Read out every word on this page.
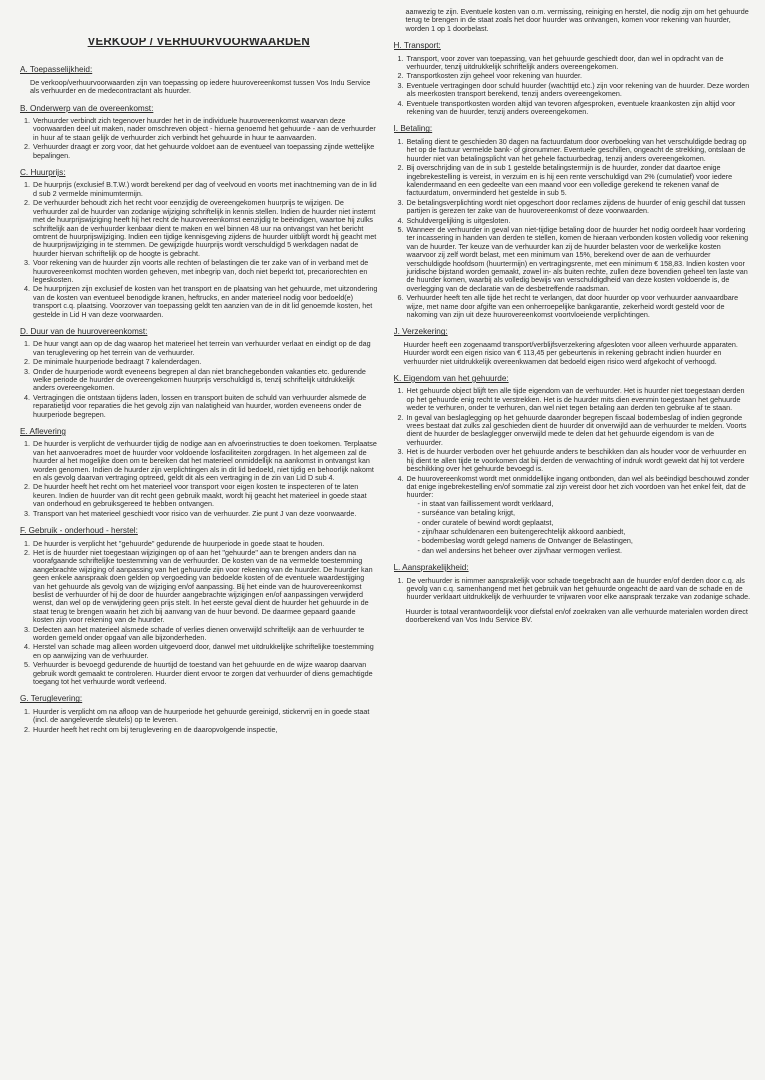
VERKOOP / VERHUURVOORWAARDEN
A. Toepasselijkheid:

De verkoop/verhuurvoorwaarden zijn van toepassing op iedere huurovereenkomst tussen Vos Indu Service als verhuurder en de medecontractant als huurder.

B. Onderwerp van de overeenkomst:
1. Verhuurder verbindt zich tegenover huurder het in de individuele huurovereenkomst waarvan deze voorwaarden deel uit maken, nader omschreven object - hierna genoemd het gehuurde - aan de verhuurder in huur af te staan gelijk de verhuurder zich verbindt het gehuurde in huur te aanvaarden.
2. Verhuurder draagt er zorg voor, dat het gehuurde voldoet aan de eventueel van toepassing zijnde wettelijke bepalingen.
C. Huurprijs:
1. De huurprijs (exclusief B.T.W.) wordt berekend per dag of veelvoud en voorts met inachtneming van de in lid d sub 2 vermelde minimumtermijn.
2. De verhuurder behoudt zich het recht voor eenzijdig de overeengekomen huurprijs te wijzigen. De verhuurder zal de huurder van zodanige wijziging schriftelijk in kennis stellen. Indien de huurder niet instemt met de huurprijswijziging heeft hij het recht de huurovereenkomst eenzijdig te beëindigen, waartoe hij zulks schriftelijk aan de verhuurder kenbaar dient te maken en wel binnen 48 uur na ontvangst van het bericht omtrent de huurprijswijziging. Indien een tijdige kennisgeving zijdens de huurder uitblijft wordt hij geacht met de huurprijswijziging in te stemmen. De gewijzigde huurprijs wordt verschuldigd 5 werkdagen nadat de huurder hiervan schriftelijk op de hoogte is gebracht.
3. Voor rekening van de huurder zijn voorts alle rechten of belastingen die ter zake van of in verband met de huurovereenkomst mochten worden geheven, met inbegrip van, doch niet beperkt tot, precariorechten en legeskosten.
4. De huurprijzen zijn exclusief de kosten van het transport en de plaatsing van het gehuurde, met uitzondering van de kosten van eventueel benodigde kranen, heftrucks, en ander materieel nodig voor bedoeld(e) transport c.q. plaatsing. Voorzover van toepassing geldt ten aanzien van de in dit lid genoemde kosten, het gestelde in Lid H van deze voorwaarden.
D. Duur van de huurovereenkomst:
1. De huur vangt aan op de dag waarop het materieel het terrein van verhuurder verlaat en eindigt op de dag van teruglevering op het terrein van de verhuurder.
2. De minimale huurperiode bedraagt 7 kalenderdagen.
3. Onder de huurperiode wordt eveneens begrepen al dan niet branchegebonden vakanties etc. gedurende welke periode de huurder de overeengekomen huurprijs verschuldigd is, tenzij schriftelijk uitdrukkelijk anders overeengekomen.
4. Vertragingen die ontstaan tijdens laden, lossen en transport buiten de schuld van verhuurder alsmede de reparatietijd voor reparaties die het gevolg zijn van nalatigheid van huurder, worden eveneens onder de huurperiode begrepen.
E. Aflevering
1. De huurder is verplicht de verhuurder tijdig de nodige aan en afvoerinstructies te doen toekomen. Terplaatse van het aanvoeradres moet de huurder voor voldoende losfaciliteiten zorgdragen. In het algemeen zal de huurder al het mogelijke doen om te bereiken dat het materieel onmiddellijk na aankomst in ontvangst kan worden genomen. Indien de huurder zijn verplichtingen als in dit lid bedoeld, niet tijdig en behoorlijk nakomt en als gevolg daarvan vertraging optreed, geldt dit als een vertraging in de zin van Lid D sub 4.
2. De huurder heeft het recht om het materieel voor transport voor eigen kosten te inspecteren of te laten keuren. Indien de huurder van dit recht geen gebruik maakt, wordt hij geacht het materieel in goede staat van onderhoud en gebruiksgereed te hebben ontvangen.
3. Transport van het materieel geschiedt voor risico van de verhuurder. Zie punt J van deze voorwaarde.
F. Gebruik - onderhoud - herstel:
1. De huurder is verplicht het "gehuurde" gedurende de huurperiode in goede staat te houden.
2. Het is de huurder niet toegestaan wijzigingen op of aan het "gehuurde" aan te brengen anders dan na voorafgaande schriftelijke toestemming van de verhuurder. De kosten van de na vermelde toestemming aangebrachte wijziging of aanpassing van het gehuurde zijn voor rekening van de huurder. De huurder kan geen enkele aanspraak doen gelden op vergoeding van bedoelde kosten of de eventuele waardestijging van het gehuurde als gevolg van de wijziging en/of aanpassing. Bij het einde van de huurovereenkomst beslist de verhuurder of hij de door de huurder aangebrachte wijzigingen en/of aanpassingen verwijderd wenst, dan wel op de verwijdering geen prijs stelt. In het eerste geval dient de huurder het gehuurde in de staat terug te brengen waarin het zich bij aanvang van de huur bevond. De daarmee gepaard gaande kosten zijn voor rekening van de huurder.
3. Defecten aan het materieel alsmede schade of verlies dienen onverwijld schriftelijk aan de verhuurder te worden gemeld onder opgaaf van alle bijzonderheden.
4. Herstel van schade mag alleen worden uitgevoerd door, danwel met uitdrukkelijke schriftelijke toestemming en op aanwijzing van de verhuurder.
5. Verhuurder is bevoegd gedurende de huurtijd de toestand van het gehuurde en de wijze waarop daarvan gebruik wordt gemaakt te controleren. Huurder dient ervoor te zorgen dat verhuurder of diens gemachtigde toegang tot het verhuurde wordt verleend.
G. Teruglevering:
1. Huurder is verplicht om na afloop van de huurperiode het gehuurde gereinigd, stickervrij en in goede staat (incl. de aangeleverde sleutels) op te leveren.
2. Huurder heeft het recht om bij teruglevering en de daaropvolgende inspectie,

aanwezig te zijn. Eventuele kosten van o.m. vermissing, reiniging en herstel, die nodig zijn om het gehuurde terug te brengen in de staat zoals het door huurder was ontvangen, komen voor rekening van huurder, worden 1 op 1 doorbelast.

H. Transport:
1. Transport, voor zover van toepassing, van het gehuurde geschiedt door, dan wel in opdracht van de verhuurder, tenzij uitdrukkelijk schriftelijk anders overeengekomen.
2. Transportkosten zijn geheel voor rekening van huurder.
3. Eventuele vertragingen door schuld huurder (wachttijd etc.) zijn voor rekening van de huurder. Deze worden als meerkosten transport berekend, tenzij anders overeengekomen.
4. Eventuele transportkosten worden altijd van tevoren afgesproken, eventuele kraankosten zijn altijd voor rekening van de huurder, tenzij anders overeengekomen.
I. Betaling:
1. Betaling dient te geschieden 30 dagen na factuurdatum door overboeking van het verschuldigde bedrag op het op de factuur vermelde bank- of gironummer. Eventuele geschillen, ongeacht de strekking, ontslaan de huurder niet van betalingsplicht van het gehele factuurbedrag, tenzij anders overeengekomen.
2. Bij overschrijding van de in sub 1 gestelde betalingstermijn is de huurder, zonder dat daartoe enige ingebrekestelling is vereist, in verzuim en is hij een rente verschuldigd van 2% (cumulatief) voor iedere kalendermaand en een gedeelte van een maand voor een volledige gerekend te rekenen vanaf de factuurdatum, onverminderd het gestelde in sub 5.
3. De betalingsverplichting wordt niet opgeschort door reclames zijdens de huurder of enig geschil dat tussen partijen is gerezen ter zake van de huurovereenkomst of deze voorwaarden.
4. Schuldvergelijking is uitgesloten.
5. Wanneer de verhuurder in geval van niet-tijdige betaling door de huurder het nodig oordeelt haar vordering ter incassering in handen van derden te stellen, komen de hieraan verbonden kosten volledig voor rekening van de huurder. Ter keuze van de verhuurder kan zij de huurder belasten voor de werkelijke kosten waarvoor zij zelf wordt belast, met een minimum van 15%, berekend over de aan de verhuurder verschuldigde hoofdsom (huurtermijn) en vertragingsrente, met een minimum € 158,83. Indien kosten voor juridische bijstand worden gemaakt, zowel in- als buiten rechte, zullen deze bovendien geheel ten laste van de huurder komen, waarbij als volledig bewijs van verschuldigdheid van deze kosten voldoende is, de overlegging van de declaratie van de desbetreffende raadsman.
6. Verhuurder heeft ten alle tijde het recht te verlangen, dat door huurder op voor verhuurder aanvaardbare wijze, met name door afgifte van een onherroepelijke bankgarantie, zekerheid wordt gesteld voor de nakoming van zijn uit deze huurovereenkomst voortvloeiende verplichtingen.
J. Verzekering:

Huurder heeft een zogenaamd transport/verblijfsverzekering afgesloten voor alleen verhuurde apparaten. Huurder wordt een eigen risico van € 113,45 per gebeurtenis in rekening gebracht indien huurder en verhuurder niet uitdrukkelijk overeenkwamen dat bedoeld eigen risico werd afgekocht of verhoogd.

K. Eigendom van het gehuurde:
1. Het gehuurde object blijft ten alle tijde eigendom van de verhuurder. Het is huurder niet toegestaan derden op het gehuurde enig recht te verstrekken. Het is de huurder mits dien evenmin toegestaan het gehuurde weder te verhuren, onder te verhuren, dan wel niet tegen betaling aan derden ten gebruike af te staan.
2. In geval van beslaglegging op het gehuurde daaronder begrepen fiscaal bodembeslag of indien gegronde vrees bestaat dat zulks zal geschieden dient de huurder dit onverwijld aan de verhuurder te melden. Voorts dient de huurder de beslaglegger onverwijld mede te delen dat het gehuurde eigendom is van de verhuurder.
3. Het is de huurder verboden over het gehuurde anders te beschikken dan als houder voor de verhuurder en hij dient te allen tijde te voorkomen dat bij derden de verwachting of indruk wordt gewekt dat hij tot verdere beschikking over het gehuurde bevoegd is.
4. De huurovereenkomst wordt met onmiddellijke ingang ontbonden, dan wel als beëindigd beschouwd zonder dat enige ingebrekestelling en/of sommatie zal zijn vereist door het zich voordoen van het enkel feit, dat de huurder:
- in staat van faillissement wordt verklaard,
- surséance van betaling krijgt,
- onder curatele of bewind wordt geplaatst,
- zijn/haar schuldenaren een buitengerechtelijk akkoord aanbiedt,
- bodembeslag wordt gelegd namens de Ontvanger de Belastingen,
- dan wel andersins het beheer over zijn/haar vermogen verliest.
L. Aansprakelijkheid:
1. De verhuurder is nimmer aansprakelijk voor schade toegebracht aan de huurder en/of derden door c.q. als gevolg van c.q. samenhangend met het gebruik van het gehuurde ongeacht de aard van de schade en de huurder verklaart uitdrukkelijk de verhuurder te vrijwaren voor elke aanspraak terzake van zodanige schade.

Huurder is totaal verantwoordelijk voor diefstal en/of zoekraken van alle verhuurde materialen worden direct doorberekend van Vos Indu Service BV.
